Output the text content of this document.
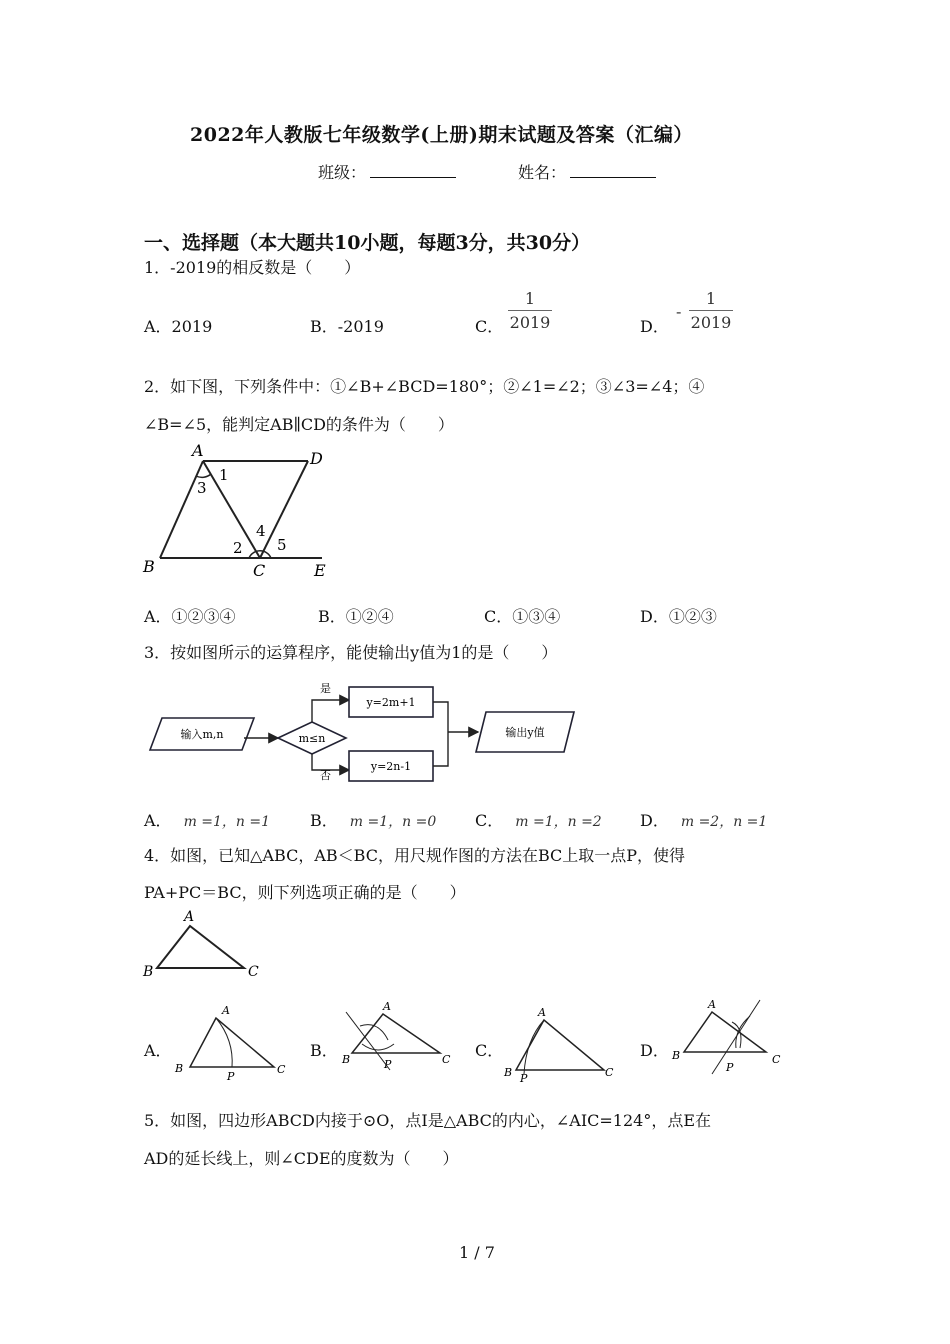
2022年人教版七年级数学(上册)期末试题及答案（汇编）
班级：	姓名：
一、选择题（本大题共10小题，每题3分，共30分）
1．-2019的相反数是（　　）
A．2019	B．-2019	C． $\frac{1}{2019}$	D．
- $\frac{1}{2019}$
2．如下图，下列条件中：①∠B+∠BCD=180°；②∠1=∠2；③∠3=∠4；④
∠B=∠5，能判定AB∥CD的条件为（　　）
A	D
B	C	E
1
3
2
4
5
A．①②③④	B．①②④	C．①③④	D．①②③
3．按如图所示的运算程序，能使输出y值为1的是（　　）
输入m,n	m≤n
是
否
y=2m+1
y=2n-1
输出y值
A． m =1，n =1 B． m =1，n =0 C． m =1，n =2 D． m =2，n =1
4．如图，已知△ABC，AB＜BC，用尺规作图的方法在BC上取一点P，使得
PA+PC＝BC，则下列选项正确的是（　　）
A
B	C
A．
A
B	C
P
B．
A
B	C
P
C．
A
B	C
P
D．
A
B	C
P
5．如图，四边形ABCD内接于⊙O，点I是△ABC的内心，∠AIC=124°，点E在
AD的延长线上，则∠CDE的度数为（　　）
1 / 7
